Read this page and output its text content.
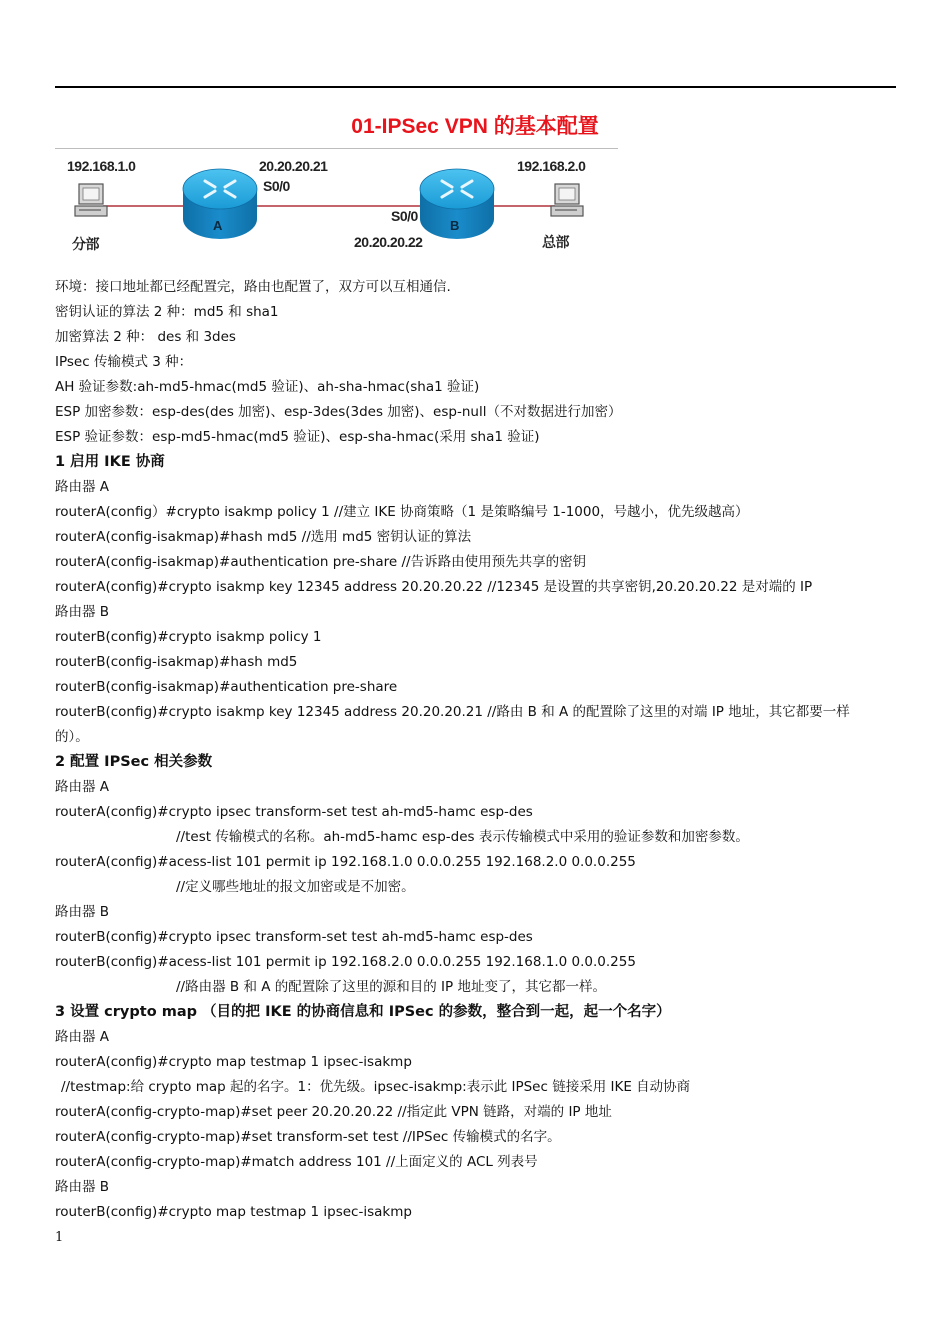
01-IPSec VPN 的基本配置
A	B
192.168.1.0
分部
20.20.20.21
S0/0
S0/0
20.20.20.22
192.168.2.0
总部
环境：接口地址都已经配置完，路由也配置了，双方可以互相通信.
密钥认证的算法 2 种：md5 和 sha1
加密算法 2 种： des 和 3des
IPsec 传输模式 3 种：
AH 验证参数:ah-md5-hmac(md5 验证)、ah-sha-hmac(sha1 验证)
ESP 加密参数：esp-des(des 加密)、esp-3des(3des 加密)、esp-null（不对数据进行加密）
ESP 验证参数：esp-md5-hmac(md5 验证)、esp-sha-hmac(采用 sha1 验证)
1 启用 IKE 协商
路由器 A
routerA(config）#crypto isakmp policy 1 //建立 IKE 协商策略（1 是策略编号 1-1000，号越小，优先级越高）
routerA(config-isakmap)#hash md5 //选用 md5 密钥认证的算法
routerA(config-isakmap)#authentication pre-share //告诉路由使用预先共享的密钥
routerA(config)#crypto isakmp key 12345 address 20.20.20.22 //12345 是设置的共享密钥,20.20.20.22 是对端的 IP
路由器 B
routerB(config)#crypto isakmp policy 1
routerB(config-isakmap)#hash md5
routerB(config-isakmap)#authentication pre-share
routerB(config)#crypto isakmp key 12345 address 20.20.20.21 //路由 B 和 A 的配置除了这里的对端 IP 地址，其它都要一样
的）。
2 配置 IPSec 相关参数
路由器 A
routerA(config)#crypto ipsec transform-set test ah-md5-hamc esp-des
//test 传输模式的名称。ah-md5-hamc esp-des 表示传输模式中采用的验证参数和加密参数。
routerA(config)#acess-list 101 permit ip 192.168.1.0 0.0.0.255 192.168.2.0 0.0.0.255
//定义哪些地址的报文加密或是不加密。
路由器 B
routerB(config)#crypto ipsec transform-set test ah-md5-hamc esp-des
routerB(config)#acess-list 101 permit ip 192.168.2.0 0.0.0.255 192.168.1.0 0.0.0.255
//路由器 B 和 A 的配置除了这里的源和目的 IP 地址变了，其它都一样。
3 设置 crypto map （目的把 IKE 的协商信息和 IPSec 的参数，整合到一起，起一个名字）
路由器 A
routerA(config)#crypto map testmap 1 ipsec-isakmp
//testmap:给 crypto map 起的名字。1：优先级。ipsec-isakmp:表示此 IPSec 链接采用 IKE 自动协商
routerA(config-crypto-map)#set peer 20.20.20.22 //指定此 VPN 链路，对端的 IP 地址
routerA(config-crypto-map)#set transform-set test //IPSec 传输模式的名字。
routerA(config-crypto-map)#match address 101 //上面定义的 ACL 列表号
路由器 B
routerB(config)#crypto map testmap 1 ipsec-isakmp
1
